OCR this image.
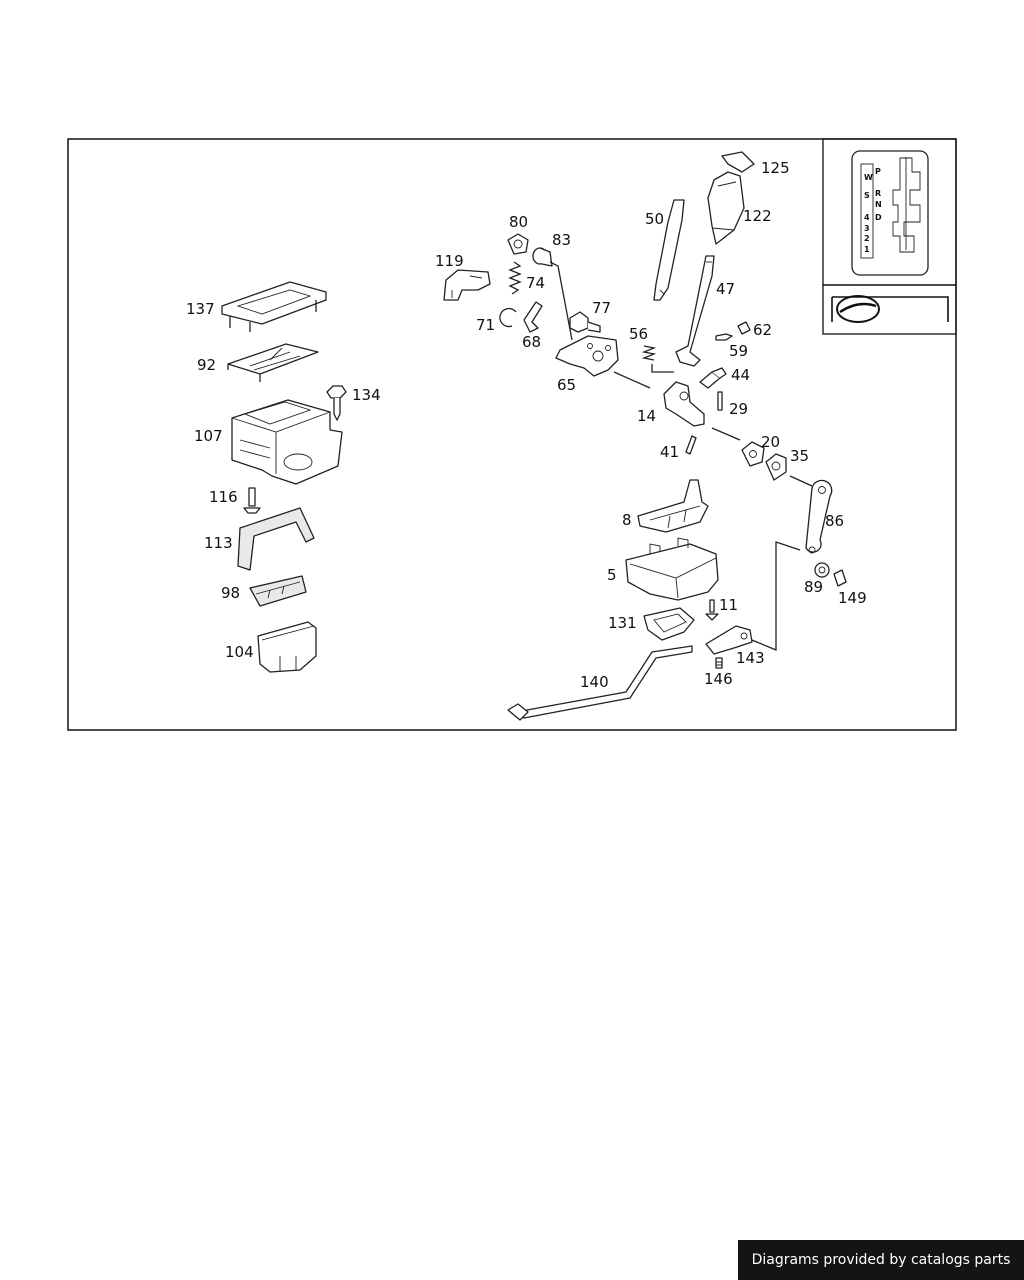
W
S
4
3
2
1
P
R
N
D
125
122
50
47
80
83
119
74
77
71
68	56	62
59
65
44
14	29
41
20
35
86
8
5
89
149
11
131
143
146
140
137
92
134
107
116
113
98
104
Diagrams provided by catalogs parts
